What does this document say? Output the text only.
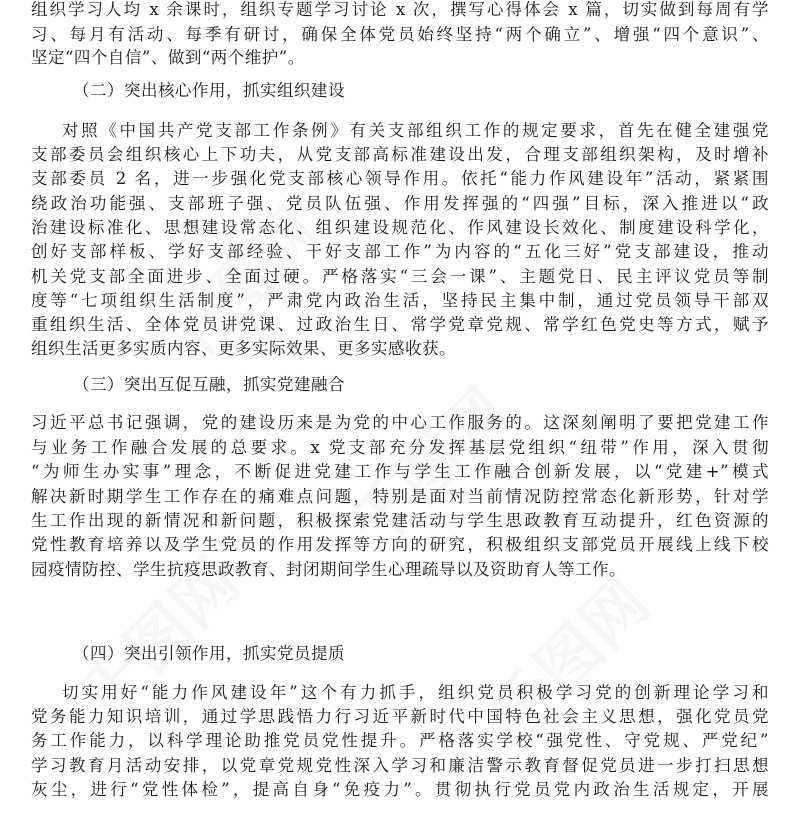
组织学习人均 x 余课时，组织专题学习讨论 x 次，撰写心得体会 x 篇，切实做到每周有学
习、每月有活动、每季有研讨，确保全体党员始终坚持“两个确立”、增强“四个意识”、
坚定“四个自信”、做到“两个维护”。
（二）突出核心作用，抓实组织建设
对照《中国共产党支部工作条例》有关支部组织工作的规定要求，首先在健全建强党
支部委员会组织核心上下功夫，从党支部高标准建设出发，合理支部组织架构，及时增补
支部委员 2 名，进一步强化党支部核心领导作用。依托“能力作风建设年”活动，紧紧围
绕政治功能强、支部班子强、党员队伍强、作用发挥强的“四强”目标，深入推进以“政
治建设标准化、思想建设常态化、组织建设规范化、作风建设长效化、制度建设科学化，
创好支部样板、学好支部经验、干好支部工作”为内容的“五化三好”党支部建设，推动
机关党支部全面进步、全面过硬。严格落实“三会一课”、主题党日、民主评议党员等制
度等“七项组织生活制度”，严肃党内政治生活，坚持民主集中制，通过党员领导干部双
重组织生活、全体党员讲党课、过政治生日、常学党章党规、常学红色党史等方式，赋予
组织生活更多实质内容、更多实际效果、更多实感收获。
（三）突出互促互融，抓实党建融合
习近平总书记强调，党的建设历来是为党的中心工作服务的。这深刻阐明了要把党建工作
与业务工作融合发展的总要求。x 党支部充分发挥基层党组织“纽带”作用，深入贯彻
“为师生办实事”理念，不断促进党建工作与学生工作融合创新发展，以“党建+”模式
解决新时期学生工作存在的痛难点问题，特别是面对当前情况防控常态化新形势，针对学
生工作出现的新情况和新问题，积极探索党建活动与学生思政教育互动提升，红色资源的
党性教育培养以及学生党员的作用发挥等方向的研究，积极组织支部党员开展线上线下校
园疫情防控、学生抗疫思政教育、封闭期间学生心理疏导以及资助育人等工作。
（四）突出引领作用，抓实党员提质
切实用好“能力作风建设年”这个有力抓手，组织党员积极学习党的创新理论学习和
党务能力知识培训，通过学思践悟力行习近平新时代中国特色社会主义思想，强化党员党
务工作能力，以科学理论助推党员党性提升。严格落实学校“强党性、守党规、严党纪”
学习教育月活动安排，以党章党规党性深入学习和廉洁警示教育督促党员进一步打扫思想
灰尘，进行“党性体检”，提高自身“免疫力”。贯彻执行党员党内政治生活规定，开展
